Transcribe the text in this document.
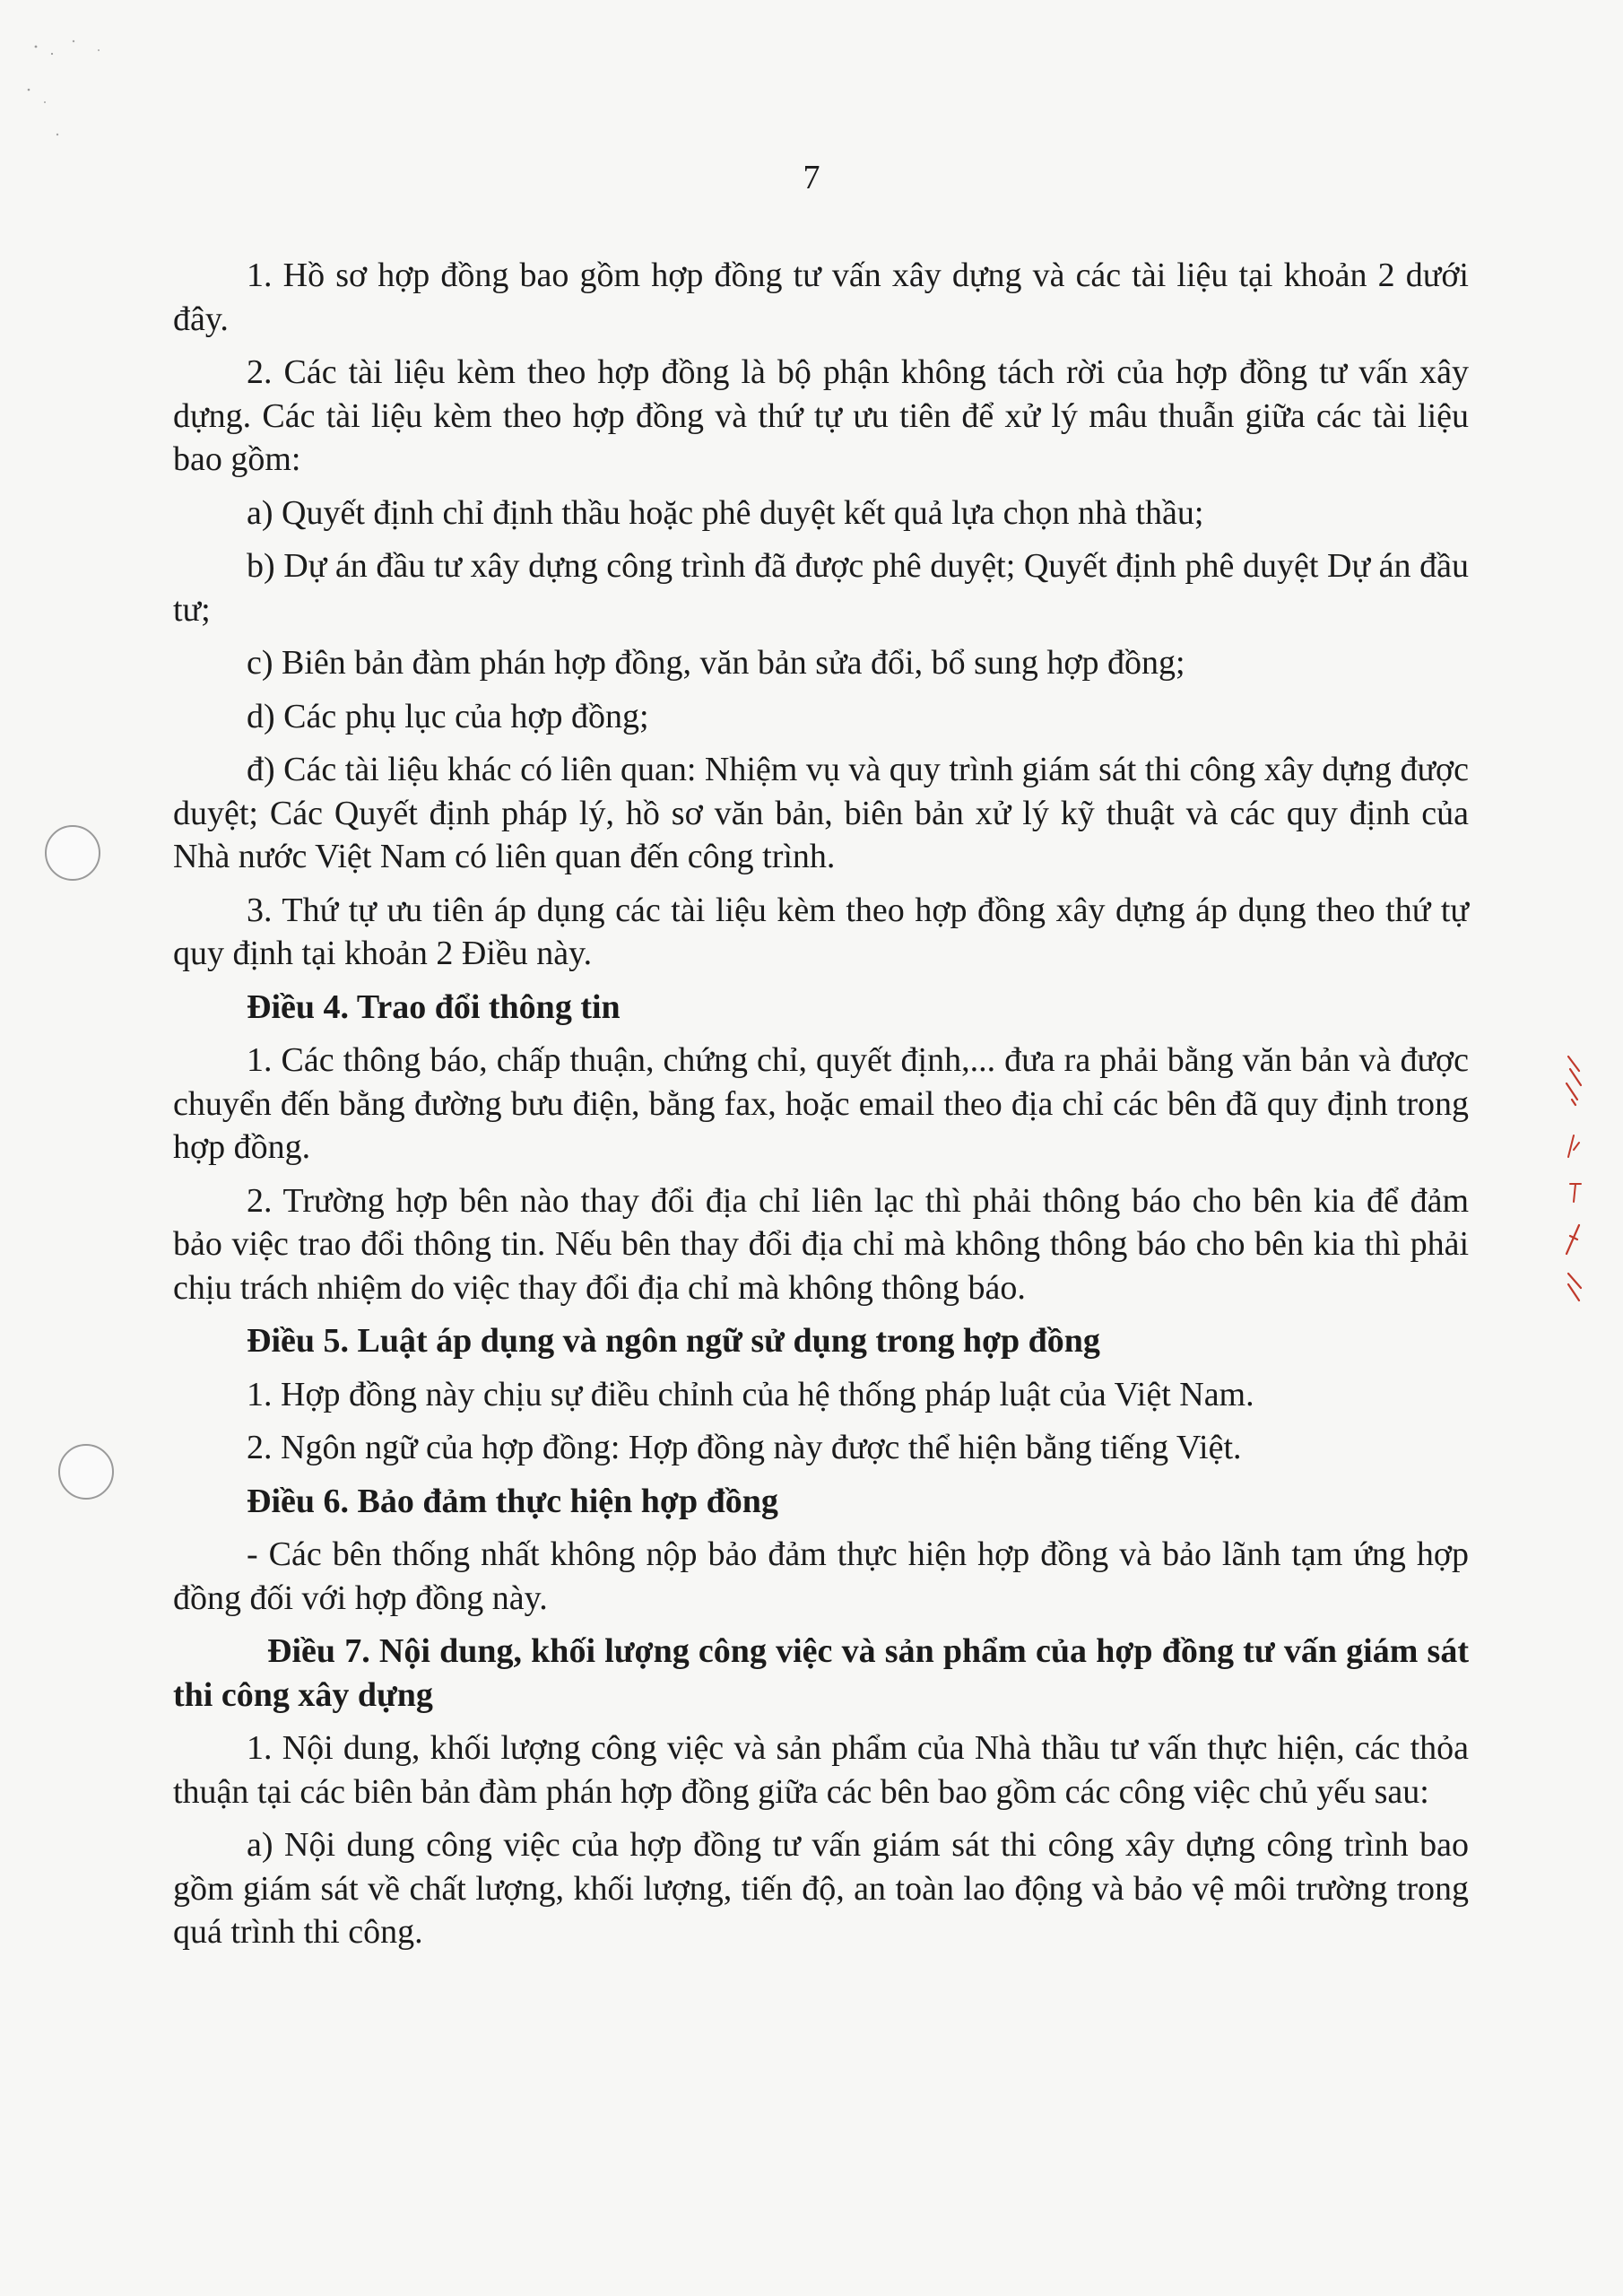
7

1. Hồ sơ hợp đồng bao gồm hợp đồng tư vấn xây dựng và các tài liệu tại khoản 2 dưới đây.

2. Các tài liệu kèm theo hợp đồng là bộ phận không tách rời của hợp đồng tư vấn xây dựng. Các tài liệu kèm theo hợp đồng và thứ tự ưu tiên để xử lý mâu thuẫn giữa các tài liệu bao gồm:

a) Quyết định chỉ định thầu hoặc phê duyệt kết quả lựa chọn nhà thầu;

b) Dự án đầu tư xây dựng công trình đã được phê duyệt; Quyết định phê duyệt Dự án đầu tư;

c) Biên bản đàm phán hợp đồng, văn bản sửa đổi, bổ sung hợp đồng;

d) Các phụ lục của hợp đồng;

đ) Các tài liệu khác có liên quan: Nhiệm vụ và quy trình giám sát thi công xây dựng được duyệt; Các Quyết định pháp lý, hồ sơ văn bản, biên bản xử lý kỹ thuật và các quy định của Nhà nước Việt Nam có liên quan đến công trình.

3. Thứ tự ưu tiên áp dụng các tài liệu kèm theo hợp đồng xây dựng áp dụng theo thứ tự quy định tại khoản 2 Điều này.

Điều 4. Trao đổi thông tin

1. Các thông báo, chấp thuận, chứng chỉ, quyết định,... đưa ra phải bằng văn bản và được chuyển đến bằng đường bưu điện, bằng fax, hoặc email theo địa chỉ các bên đã quy định trong hợp đồng.

2. Trường hợp bên nào thay đổi địa chỉ liên lạc thì phải thông báo cho bên kia để đảm bảo việc trao đổi thông tin. Nếu bên thay đổi địa chỉ mà không thông báo cho bên kia thì phải chịu trách nhiệm do việc thay đổi địa chỉ mà không thông báo.

Điều 5. Luật áp dụng và ngôn ngữ sử dụng trong hợp đồng

1. Hợp đồng này chịu sự điều chỉnh của hệ thống pháp luật của Việt Nam.

2. Ngôn ngữ của hợp đồng: Hợp đồng này được thể hiện bằng tiếng Việt.

Điều 6. Bảo đảm thực hiện hợp đồng

- Các bên thống nhất không nộp bảo đảm thực hiện hợp đồng và bảo lãnh tạm ứng hợp đồng đối với hợp đồng này.

Điều 7. Nội dung, khối lượng công việc và sản phẩm của hợp đồng tư vấn giám sát thi công xây dựng

1. Nội dung, khối lượng công việc và sản phẩm của Nhà thầu tư vấn thực hiện, các thỏa thuận tại các biên bản đàm phán hợp đồng giữa các bên bao gồm các công việc chủ yếu sau:

a) Nội dung công việc của hợp đồng tư vấn giám sát thi công xây dựng công trình bao gồm giám sát về chất lượng, khối lượng, tiến độ, an toàn lao động và bảo vệ môi trường trong quá trình thi công.
